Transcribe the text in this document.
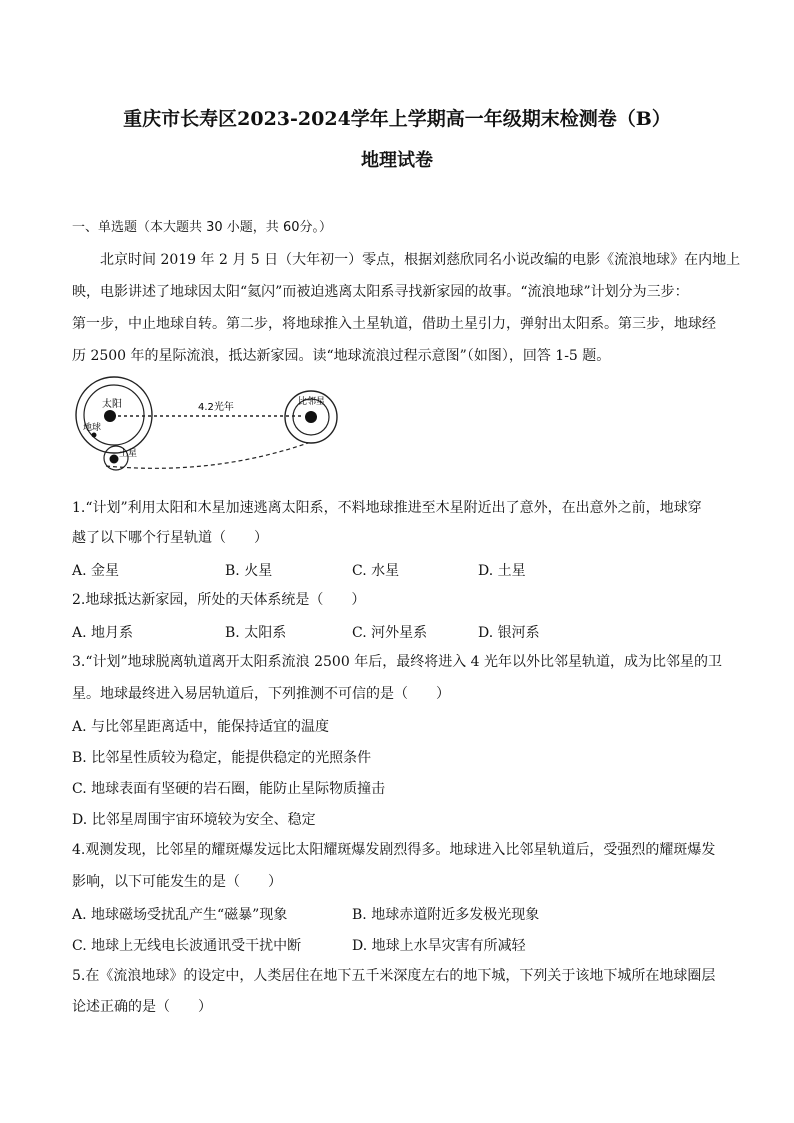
重庆市长寿区2023-2024学年上学期高一年级期末检测卷（B）
地理试卷
一、单选题（本大题共 30 小题，共 60分。）
北京时间 2019 年 2 月 5 日（大年初一）零点，根据刘慈欣同名小说改编的电影《流浪地球》在内地上
映，电影讲述了地球因太阳“氦闪”而被迫逃离太阳系寻找新家园的故事。“流浪地球”计划分为三步：
第一步，中止地球自转。第二步，将地球推入土星轨道，借助土星引力，弹射出太阳系。第三步，地球经
历 2500 年的星际流浪，抵达新家园。读“地球流浪过程示意图”（如图），回答 1-5 题。
太阳
地球
土星
4.2光年	比邻星
1.“计划”利用太阳和木星加速逃离太阳系，不料地球推进至木星附近出了意外，在出意外之前，地球穿
越了以下哪个行星轨道（　　）
A. 金星	B. 火星	C. 水星	D. 土星
2.地球抵达新家园，所处的天体系统是（　　）
A. 地月系	B. 太阳系	C. 河外星系	D. 银河系
3.“计划”地球脱离轨道离开太阳系流浪 2500 年后，最终将进入 4 光年以外比邻星轨道，成为比邻星的卫
星。地球最终进入易居轨道后，下列推测不可信的是（　　）
A. 与比邻星距离适中，能保持适宜的温度
B. 比邻星性质较为稳定，能提供稳定的光照条件
C. 地球表面有坚硬的岩石圈，能防止星际物质撞击
D. 比邻星周围宇宙环境较为安全、稳定
4.观测发现，比邻星的耀斑爆发远比太阳耀斑爆发剧烈得多。地球进入比邻星轨道后，受强烈的耀斑爆发
影响，以下可能发生的是（　　）
A. 地球磁场受扰乱产生“磁暴”现象	B. 地球赤道附近多发极光现象
C. 地球上无线电长波通讯受干扰中断	D. 地球上水旱灾害有所减轻
5.在《流浪地球》的设定中，人类居住在地下五千米深度左右的地下城，下列关于该地下城所在地球圈层
论述正确的是（　　）
